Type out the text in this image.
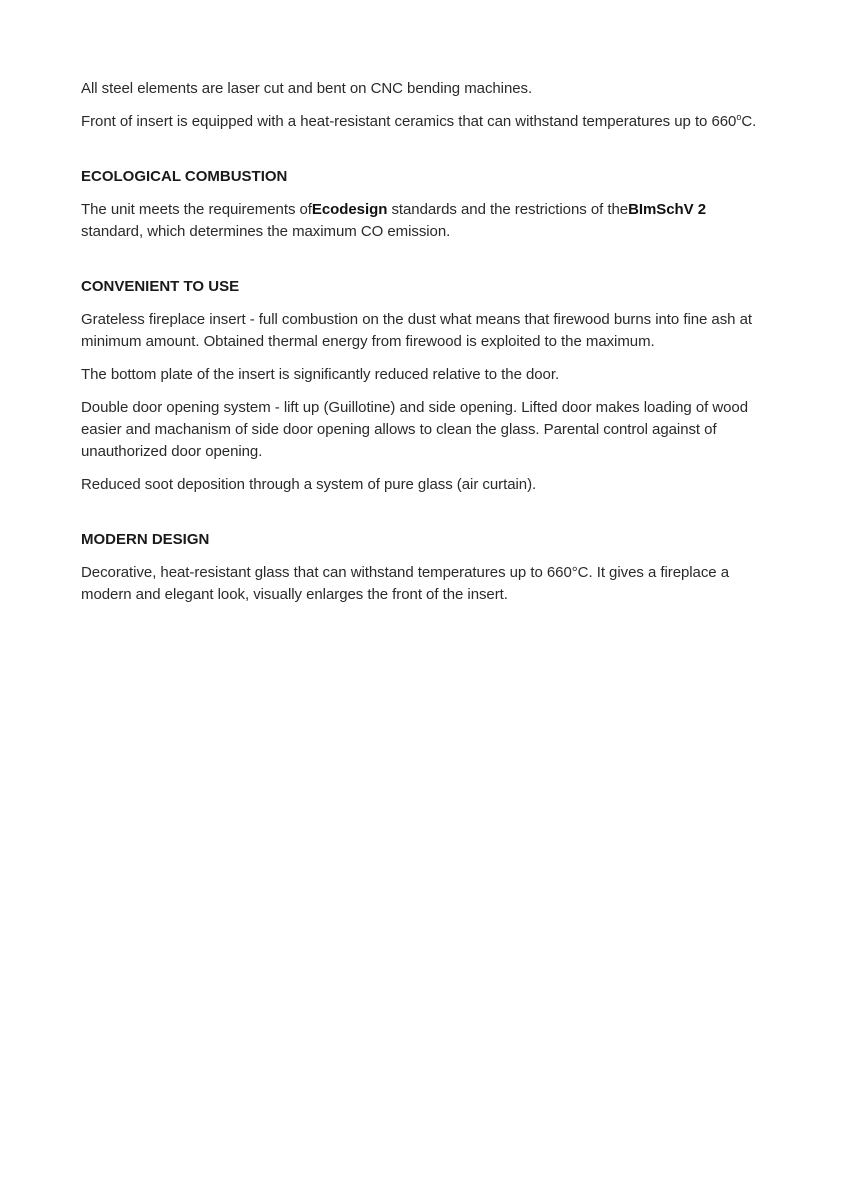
All steel elements are laser cut and bent on CNC bending machines.

Front of insert is equipped with a heat-resistant ceramics that can withstand temperatures up to 660$^o$C.

ECOLOGICAL COMBUSTION

The unit meets the requirements ofEcodesign standards and the restrictions of theBImSchV 2 standard, which determines the maximum CO emission.

CONVENIENT TO USE

Grateless fireplace insert - full combustion on the dust what means that firewood burns into fine ash at minimum amount. Obtained thermal energy from firewood is exploited to the maximum.

The bottom plate of the insert is significantly reduced relative to the door.

Double door opening system - lift up (Guillotine) and side opening. Lifted door makes loading of wood easier and machanism of side door opening allows to clean the glass. Parental control against of unauthorized door opening.

Reduced soot deposition through a system of pure glass (air curtain).

MODERN DESIGN

Decorative, heat-resistant glass that can withstand temperatures up to 660°C. It gives a fireplace a modern and elegant look, visually enlarges the front of the insert.
